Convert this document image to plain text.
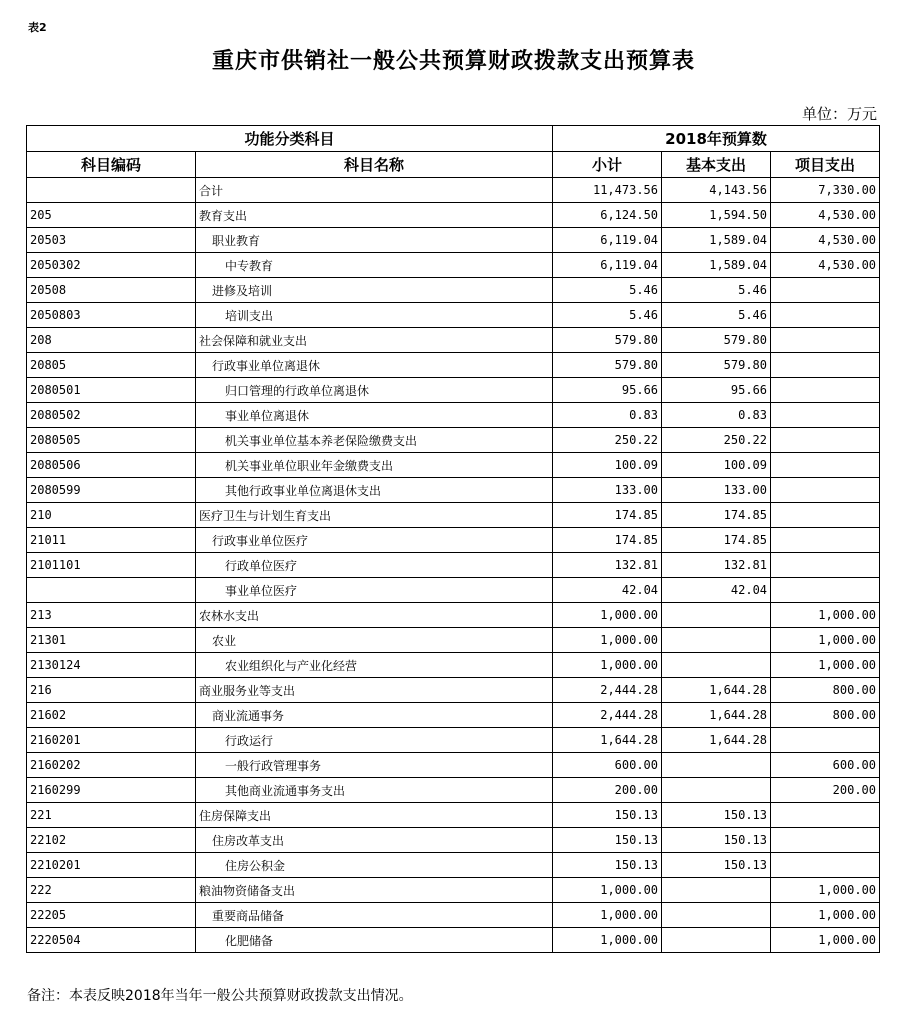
表2
重庆市供销社一般公共预算财政拨款支出预算表
单位：万元
功能分类科目		2018年预算数		
科目编码	科目名称	小计	基本支出	项目支出
	合计	11,473.56	4,143.56	7,330.00
205	教育支出	6,124.50	1,594.50	4,530.00
20503	职业教育	6,119.04	1,589.04	4,530.00
2050302	中专教育	6,119.04	1,589.04	4,530.00
20508	进修及培训	5.46	5.46	
2050803	培训支出	5.46	5.46	
208	社会保障和就业支出	579.80	579.80	
20805	行政事业单位离退休	579.80	579.80	
2080501	归口管理的行政单位离退休	95.66	95.66	
2080502	事业单位离退休	0.83	0.83	
2080505	机关事业单位基本养老保险缴费支出	250.22	250.22	
2080506	机关事业单位职业年金缴费支出	100.09	100.09	
2080599	其他行政事业单位离退休支出	133.00	133.00	
210	医疗卫生与计划生育支出	174.85	174.85	
21011	行政事业单位医疗	174.85	174.85	
2101101	行政单位医疗	132.81	132.81	
	事业单位医疗	42.04	42.04	
213	农林水支出	1,000.00		1,000.00
21301	农业	1,000.00		1,000.00
2130124	农业组织化与产业化经营	1,000.00		1,000.00
216	商业服务业等支出	2,444.28	1,644.28	800.00
21602	商业流通事务	2,444.28	1,644.28	800.00
2160201	行政运行	1,644.28	1,644.28	
2160202	一般行政管理事务	600.00		600.00
2160299	其他商业流通事务支出	200.00		200.00
221	住房保障支出	150.13	150.13	
22102	住房改革支出	150.13	150.13	
2210201	住房公积金	150.13	150.13	
222	粮油物资储备支出	1,000.00		1,000.00
22205	重要商品储备	1,000.00		1,000.00
2220504	化肥储备	1,000.00		1,000.00
备注：本表反映2018年当年一般公共预算财政拨款支出情况。
